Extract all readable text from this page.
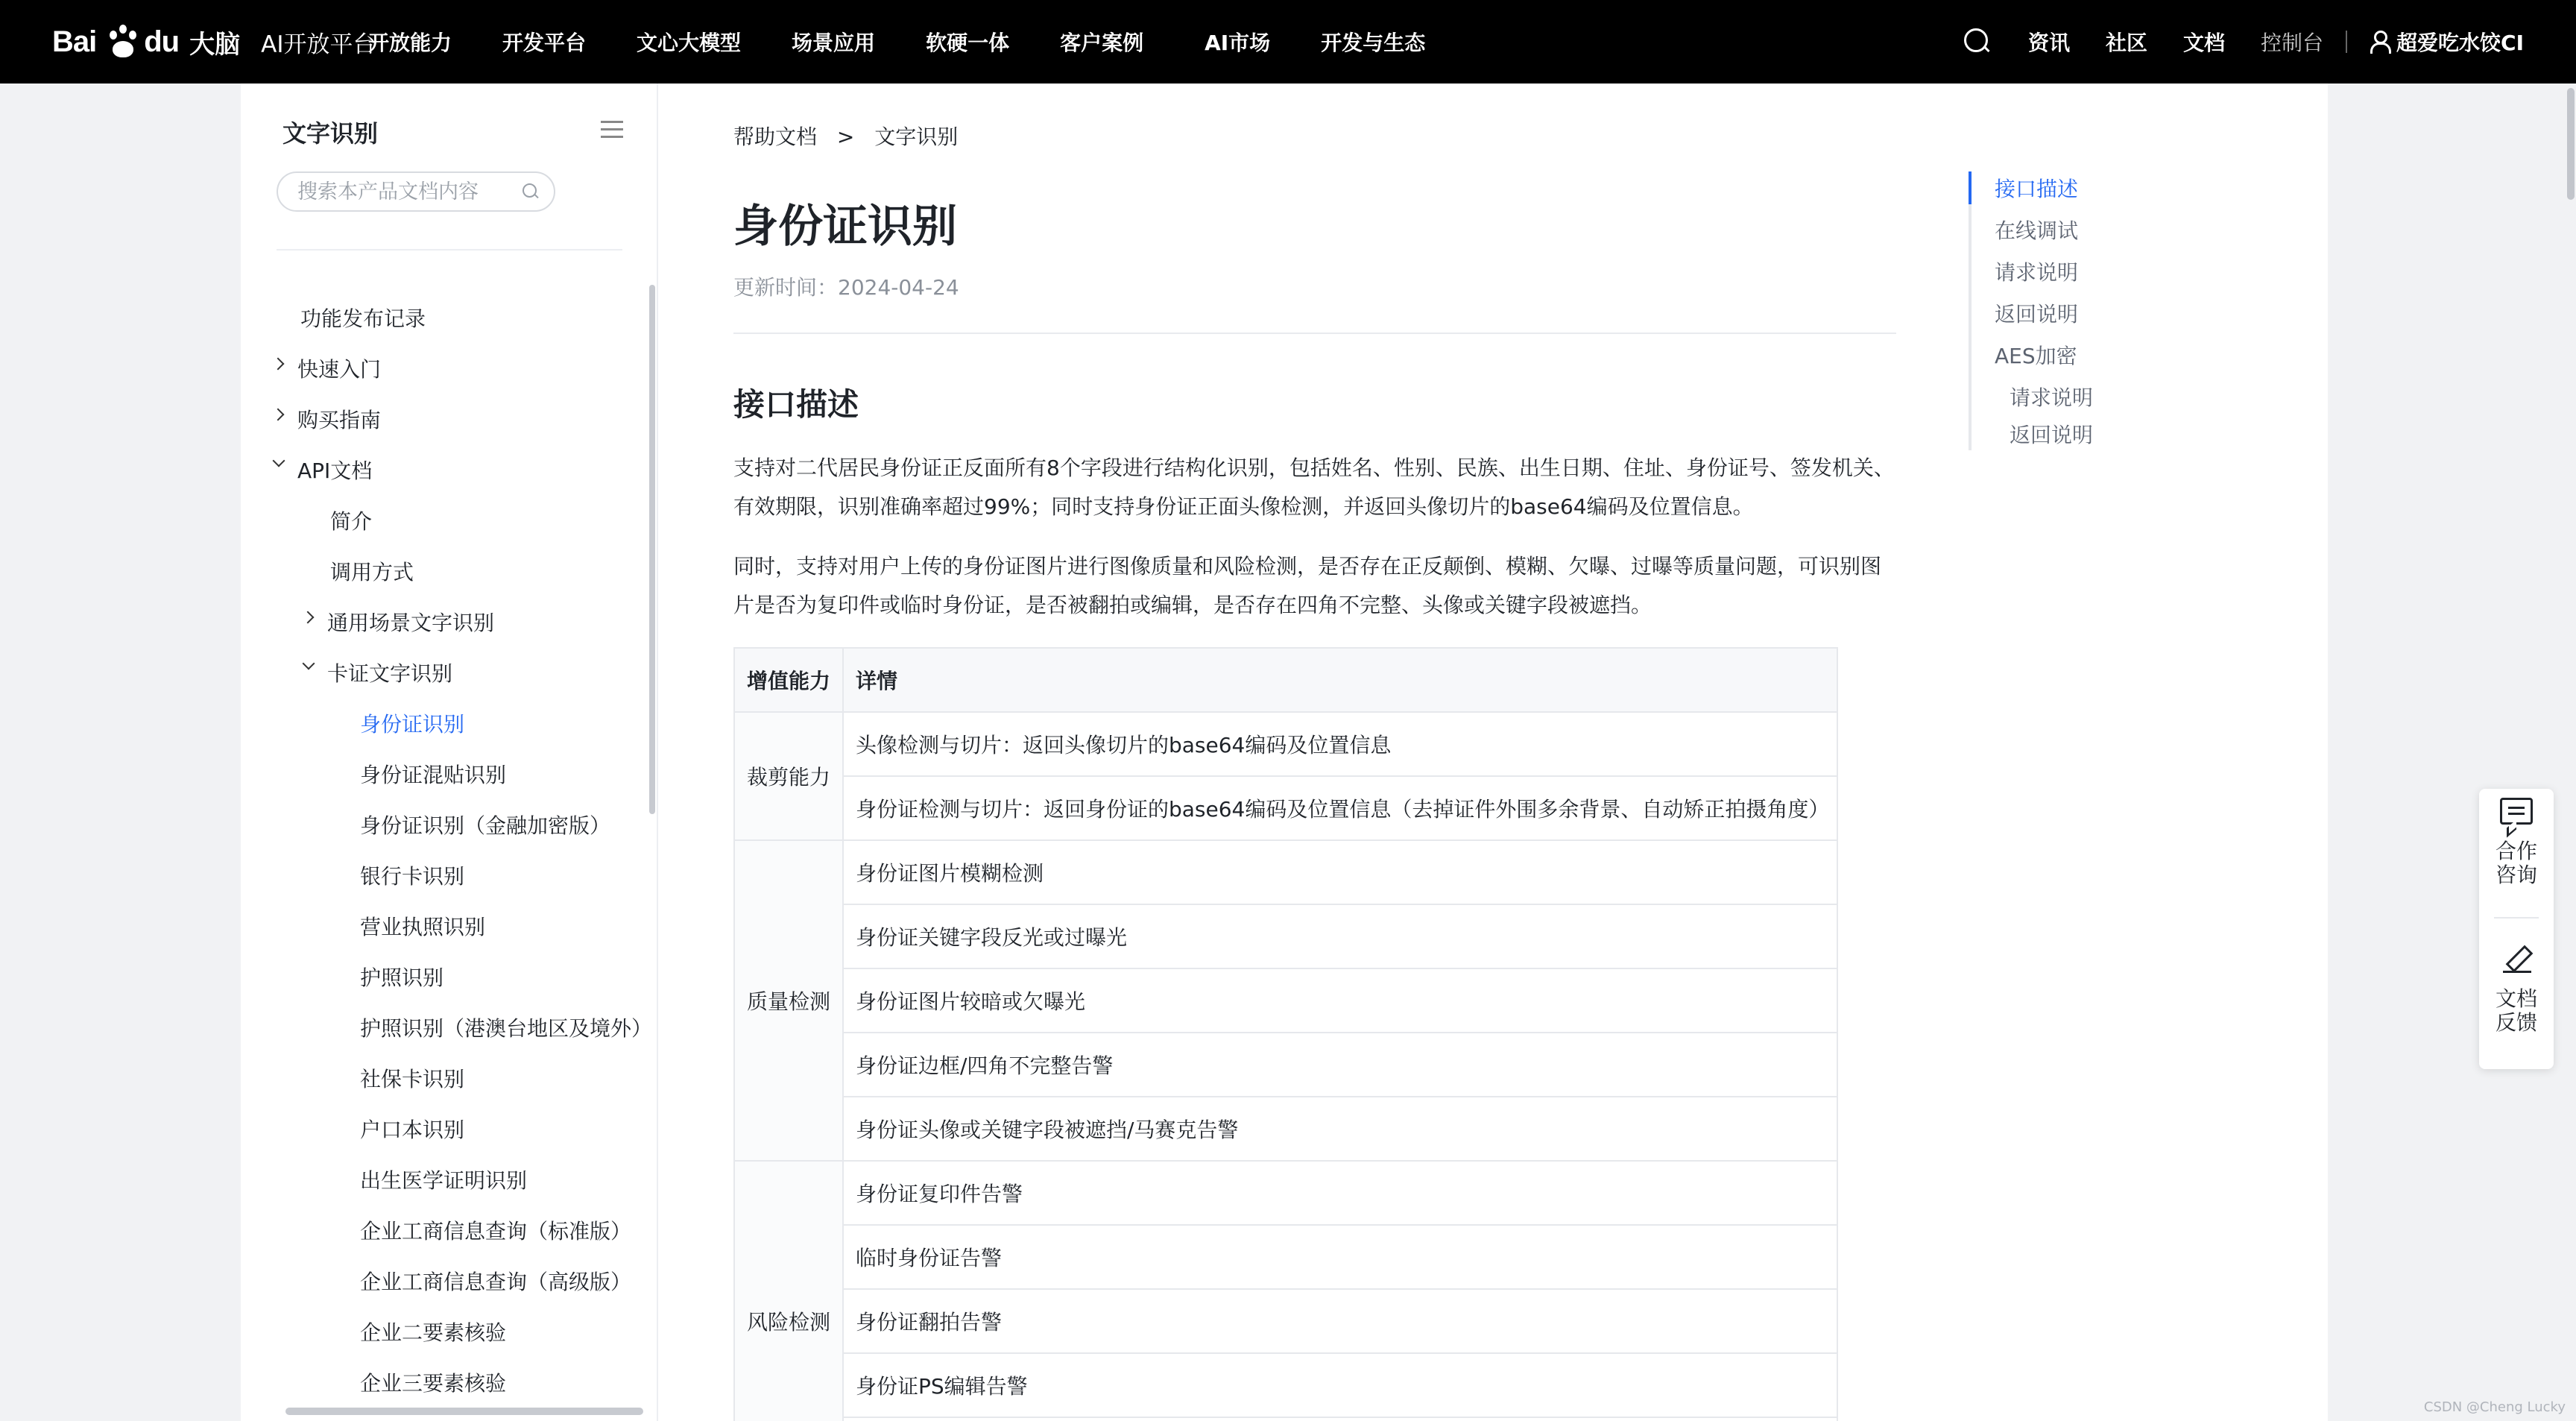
Bai du 大脑 AI开放平台
开放能力 开发平台 文心大模型 场景应用 软硬一体 客户案例	AI市场 开发与生态	资讯 社区 文档 控制台	超爱吃水饺CI
文字识别
搜索本产品文档内容
功能发布记录
快速入门
购买指南
API文档
简介
调用方式
通用场景文字识别
卡证文字识别
身份证识别
身份证混贴识别
身份证识别（金融加密版）
银行卡识别
营业执照识别
护照识别
护照识别（港澳台地区及境外）
社保卡识别
户口本识别
出生医学证明识别
企业工商信息查询（标准版）
企业工商信息查询（高级版）
企业二要素核验
企业三要素核验
帮助文档 > 文字识别
身份证识别
更新时间：2024-04-24
接口描述

支持对二代居民身份证正反面所有8个字段进行结构化识别，包括姓名、性别、民族、出生日期、住址、身份证号、签发机关、有效期限，识别准确率超过99%；同时支持身份证正面头像检测，并返回头像切片的base64编码及位置信息。

同时，支持对用户上传的身份证图片进行图像质量和风险检测，是否存在正反颠倒、模糊、欠曝、过曝等质量问题，可识别图片是否为复印件或临时身份证，是否被翻拍或编辑，是否存在四角不完整、头像或关键字段被遮挡。

增值能力	详情
裁剪能力	头像检测与切片：返回头像切片的base64编码及位置信息
	身份证检测与切片：返回身份证的base64编码及位置信息（去掉证件外围多余背景、自动矫正拍摄角度）
质量检测	身份证图片模糊检测
	身份证关键字段反光或过曝光
	身份证图片较暗或欠曝光
	身份证边框/四角不完整告警
	身份证头像或关键字段被遮挡/马赛克告警
风险检测	身份证复印件告警
	临时身份证告警
	身份证翻拍告警
	身份证PS编辑告警

接口描述
在线调试
请求说明
返回说明
AES加密
请求说明
返回说明
合作咨询
文档反馈
CSDN @Cheng Lucky
